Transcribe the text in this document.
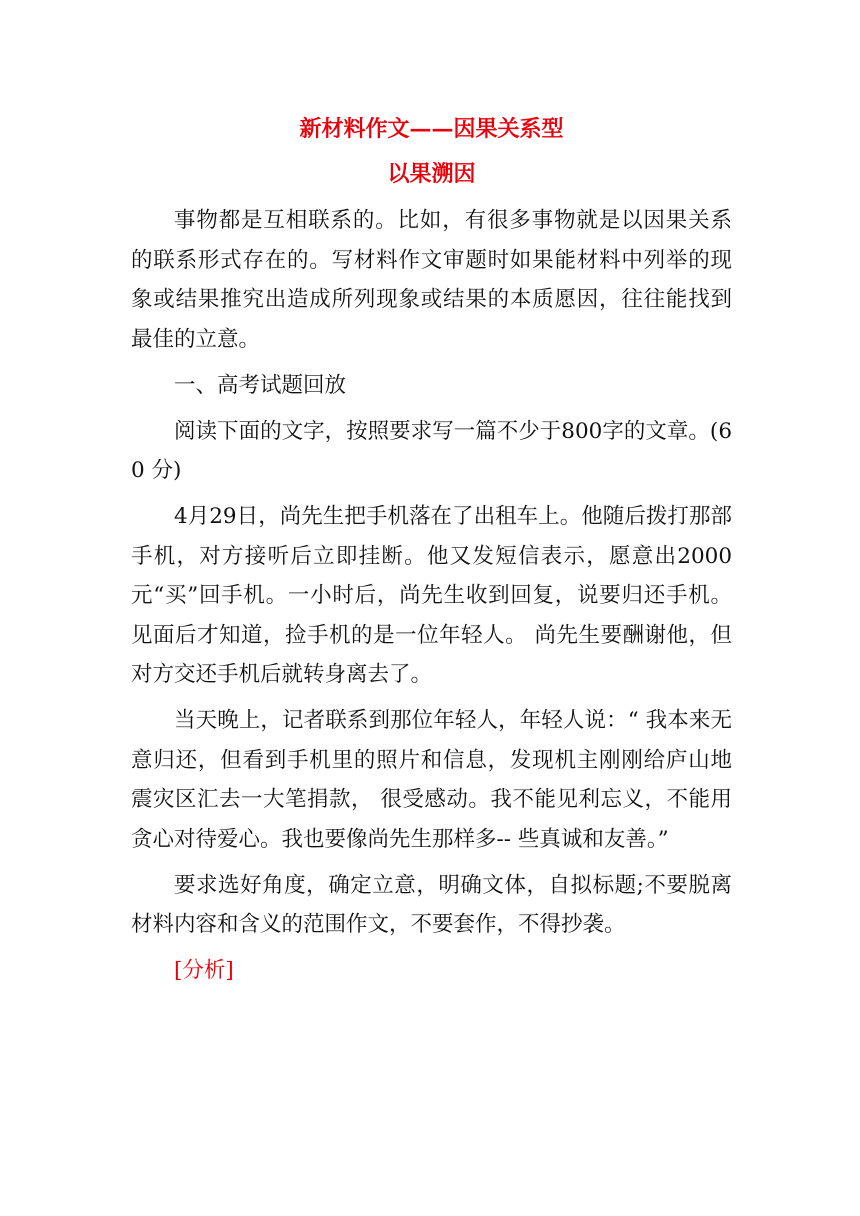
新材料作文——因果关系型
以果溯因

事物都是互相联系的。比如，有很多事物就是以因果关系的联系形式存在的。写材料作文审题时如果能材料中列举的现象或结果推究出造成所列现象或结果的本质愿因，往往能找到最佳的立意。

一、高考试题回放

阅读下面的文字，按照要求写一篇不少于800字的文章。(60 分)

4月29日，尚先生把手机落在了出租车上。他随后拨打那部手机，对方接听后立即挂断。他又发短信表示，愿意出2000元“买”回手机。一小时后，尚先生收到回复，说要归还手机。见面后才知道，捡手机的是一位年轻人。 尚先生要酬谢他，但对方交还手机后就转身离去了。

当天晚上，记者联系到那位年轻人，年轻人说：“ 我本来无意归还，但看到手机里的照片和信息，发现机主刚刚给庐山地震灾区汇去一大笔捐款， 很受感动。我不能见利忘义，不能用贪心对待爱心。我也要像尚先生那样多-- 些真诚和友善。”

要求选好角度，确定立意，明确文体，自拟标题;不要脱离材料内容和含义的范围作文，不要套作，不得抄袭。

[分析]
